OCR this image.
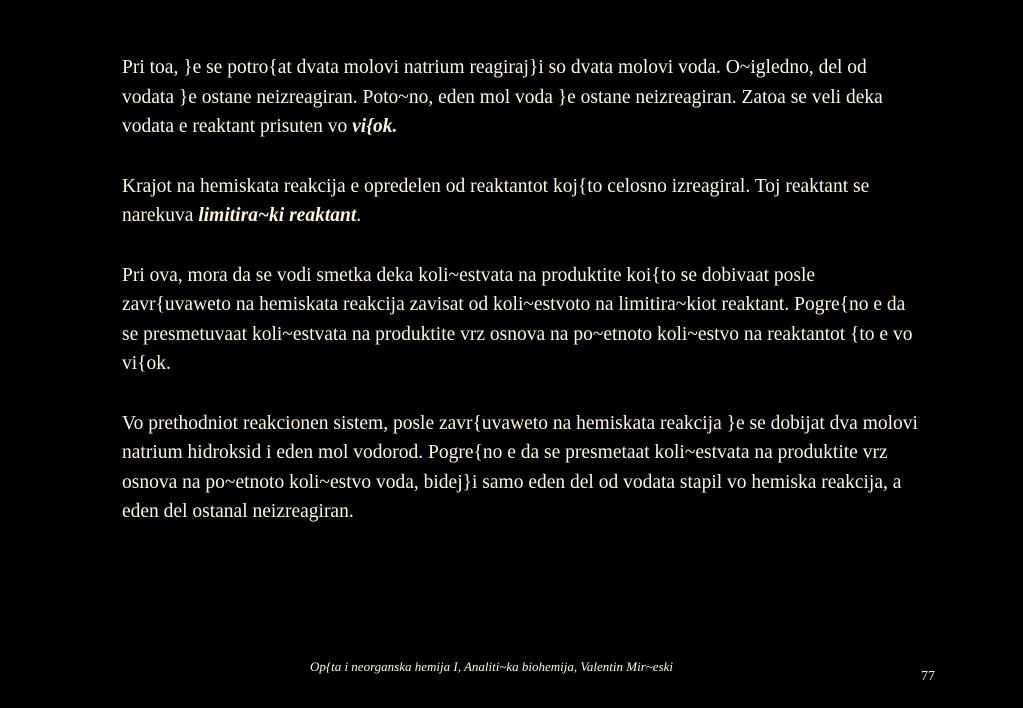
Pri toa, }e se potro{at dvata molovi natrium reagiraj}i so dvata molovi voda. O~igledno, del od vodata }e ostane neizreagiran. Poto~no, eden mol voda }e ostane neizreagiran. Zatoa se veli deka vodata e reaktant prisuten vo vi{ok.

Krajot na hemiskata reakcija e opredelen od reaktantot koj{to celosno izreagiral. Toj reaktant se narekuva limitira~ki reaktant.

Pri ova, mora da se vodi smetka deka koli~estvata na produktite koi{to se dobivaat posle zavr{uvaweto na hemiskata reakcija zavisat od koli~estvoto na limitira~kiot reaktant. Pogre{no e da se presmetuvaat koli~estvata na produktite vrz osnova na po~etnoto koli~estvo na reaktantot {to e vo vi{ok.

Vo prethodniot reakcionen sistem, posle zavr{uvaweto na hemiskata reakcija }e se dobijat dva molovi natrium hidroksid i eden mol vodorod. Pogre{no e da se presmetaat koli~estvata na produktite vrz osnova na po~etnoto koli~estvo voda, bidej}i samo eden del od vodata stapil vo hemiska reakcija, a eden del ostanal neizreagiran.

Op{ta i neorganska hemija I, Analiti~ka biohemija, Valentin Mir~eski
77
